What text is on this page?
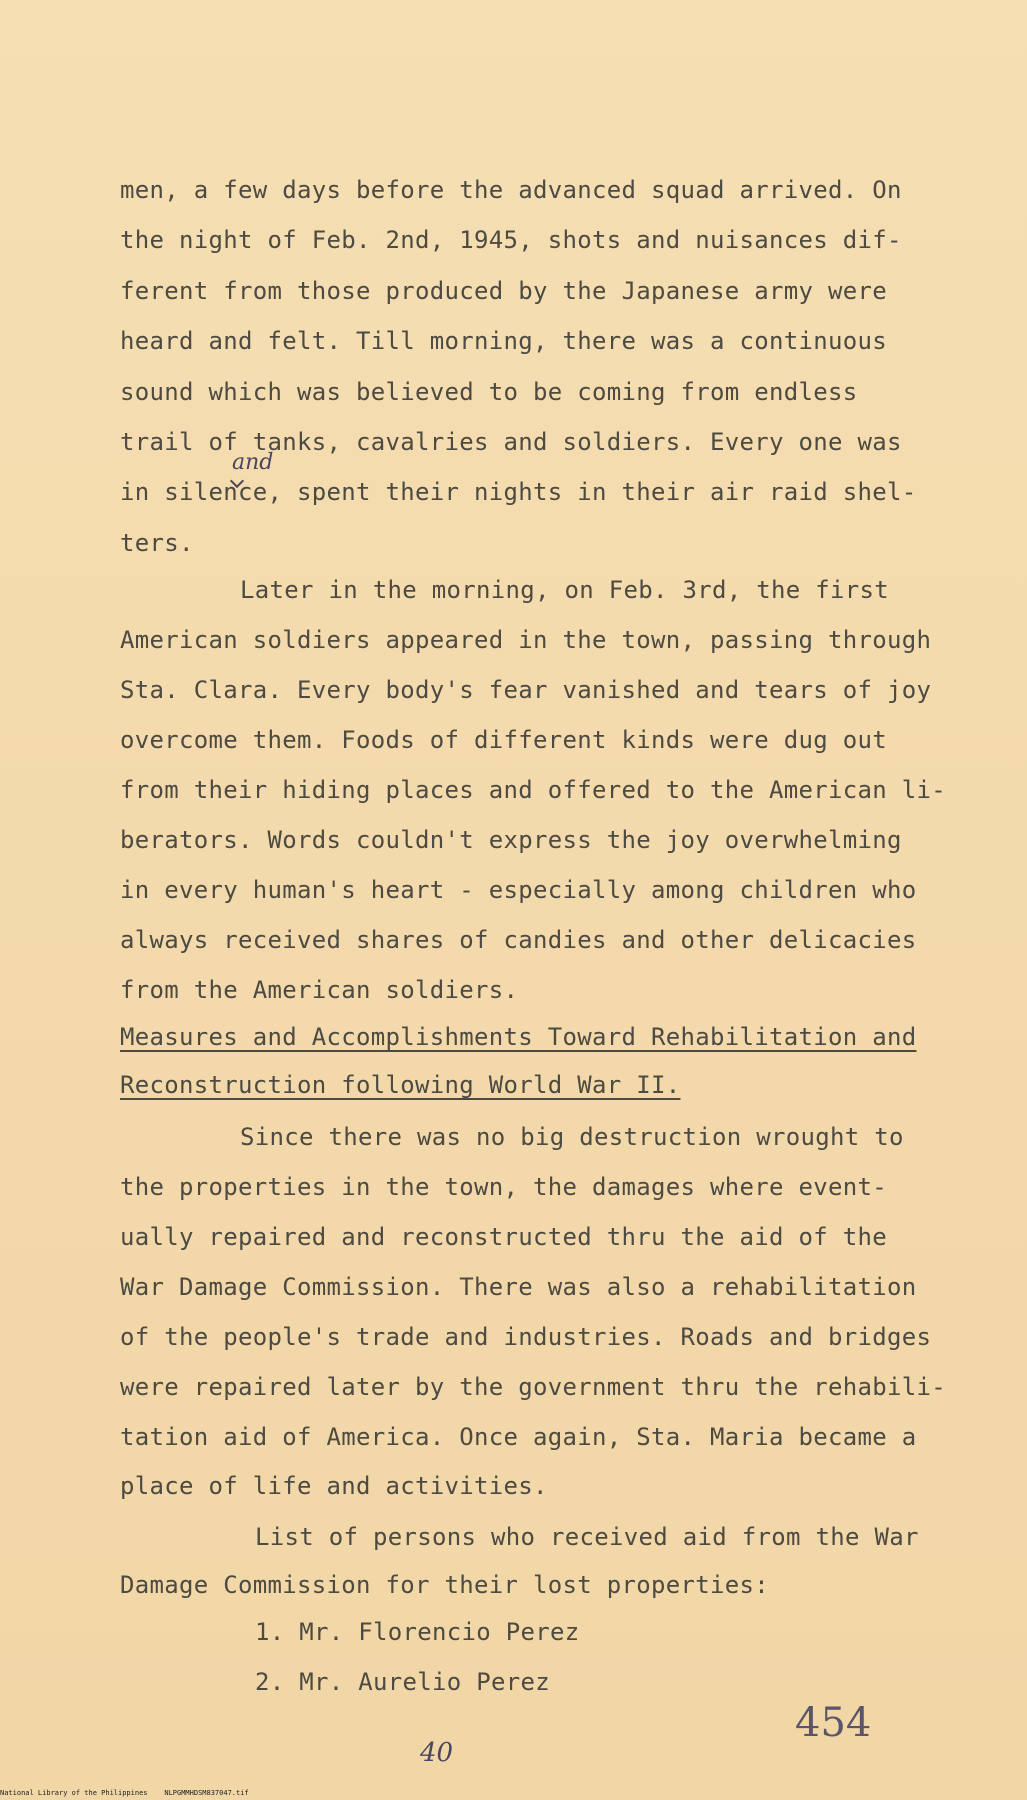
men, a few days before the advanced squad arrived. On
the night of Feb. 2nd, 1945, shots and nuisances dif-
ferent from those produced by the Japanese army were
heard and felt. Till morning, there was a continuous
sound which was believed to be coming from endless
trail of tanks, cavalries and soldiers. Every one was
in silence, spent their nights in their air raid shel-
and
ters.
Later in the morning, on Feb. 3rd, the first
American soldiers appeared in the town, passing through
Sta. Clara. Every body's fear vanished and tears of joy
overcome them. Foods of different kinds were dug out
from their hiding places and offered to the American li-
berators. Words couldn't express the joy overwhelming
in every human's heart - especially among children who
always received shares of candies and other delicacies
from the American soldiers.
Measures and Accomplishments Toward Rehabilitation and
Reconstruction following World War II.
Since there was no big destruction wrought to
the properties in the town, the damages where event-
ually repaired and reconstructed thru the aid of the
War Damage Commission. There was also a rehabilitation
of the people's trade and industries. Roads and bridges
were repaired later by the government thru the rehabili-
tation aid of America. Once again, Sta. Maria became a
place of life and activities.
List of persons who received aid from the War
Damage Commission for their lost properties:
1. Mr. Florencio Perez
2. Mr. Aurelio Perez
40
454
National Library of the Philippines    NLPGMMHDSM837047.tif
